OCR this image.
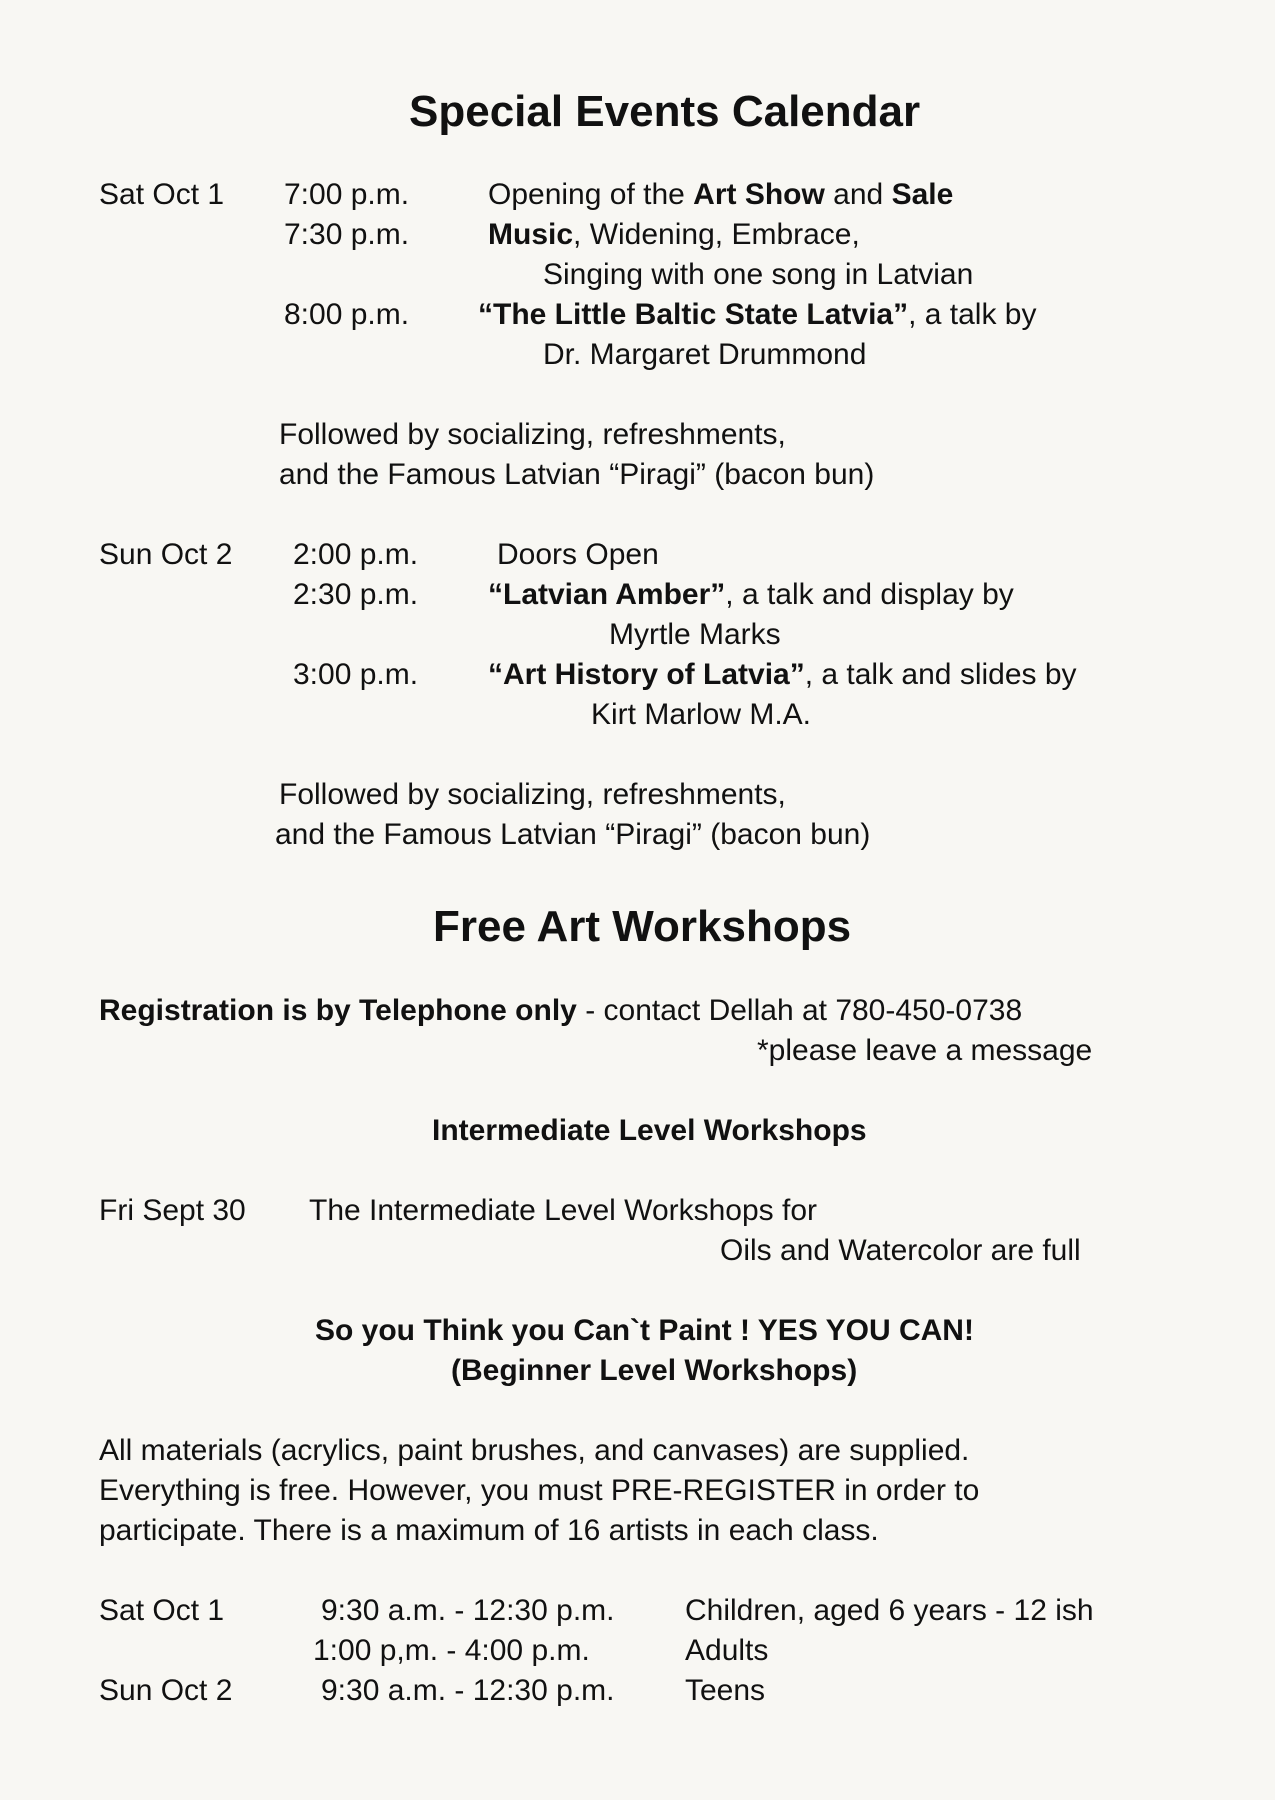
Special Events Calendar

Sat Oct 1 7:00 p.m.	Opening of the Art Show and Sale

7:30 p.m.	Music, Widening, Embrace,

Singing with one song in Latvian

8:00 p.m. “The Little Baltic State Latvia”, a talk by

Dr. Margaret Drummond

Followed by socializing, refreshments,

and the Famous Latvian “Piragi” (bacon bun)

Sun Oct 2 2:00 p.m.	Doors Open

2:30 p.m. “Latvian Amber”, a talk and display by

Myrtle Marks

3:00 p.m. “Art History of Latvia”, a talk and slides by

Kirt Marlow M.A.

Followed by socializing, refreshments,

and the Famous Latvian “Piragi” (bacon bun)

Free Art Workshops

Registration is by Telephone only - contact Dellah at 780-450-0738

*please leave a message

Intermediate Level Workshops

Fri Sept 30 The Intermediate Level Workshops for

Oils and Watercolor are full

So you Think you Can`t Paint ! YES YOU CAN!
(Beginner Level Workshops)

All materials (acrylics, paint brushes, and canvases) are supplied.

Everything is free. However, you must PRE-REGISTER in order to

participate. There is a maximum of 16 artists in each class.

Sat Oct 1	9:30 a.m. - 12:30 p.m. Children, aged 6 years - 12 ish

1:00 p,m. - 4:00 p.m.	Adults

Sun Oct 2	9:30 a.m. - 12:30 p.m. Teens
